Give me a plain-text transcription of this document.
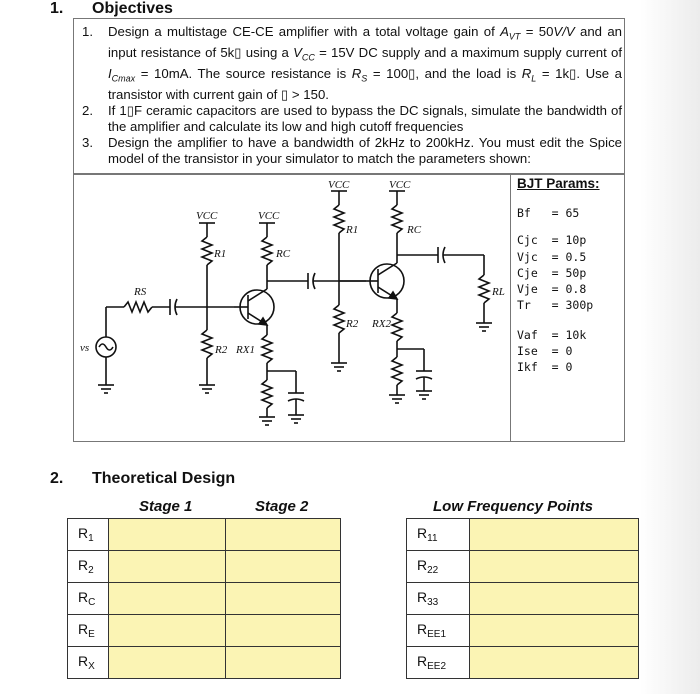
1. Objectives
1.	Design a multistage CE-CE amplifier with a total voltage gain of $A_{VT} = 50V/V$ and an input resistance of 5k▯ using a $V_{CC} = 15V$ DC supply and a maximum supply current of $I_{Cmax} = 10mA$. The source resistance is $R_S$ = 100▯, and the load is $R_L$ = 1k▯. Use a transistor with current gain of ▯ > 150.
2.	If 1▯F ceramic capacitors are used to bypass the DC signals, simulate the bandwidth of the amplifier and calculate its low and high cutoff frequencies
3.	Design the amplifier to have a bandwidth of 2kHz to 200kHz. You must edit the Spice model of the transistor in your simulator to match the parameters shown:
VCC	VCC
VCC	VCC
R1	RC
R2 RX1
R1	RC
R2 RX2
RS	RL
vs
BJT Params:
Bf   = 65
Cjc  = 10p
Vjc  = 0.5
Cje  = 50p
Vje  = 0.8
Tr   = 300p
Vaf  = 10k
Ise  = 0
Ikf  = 0
2. Theoretical Design
Stage 1	Stage 2	Low Frequency Points
$R_1$		
$R_2$		
$R_C$		
$R_E$		
$R_X$		
$R_{11}$	
$R_{22}$	
$R_{33}$	
$R_{EE1}$	
$R_{EE2}$	
